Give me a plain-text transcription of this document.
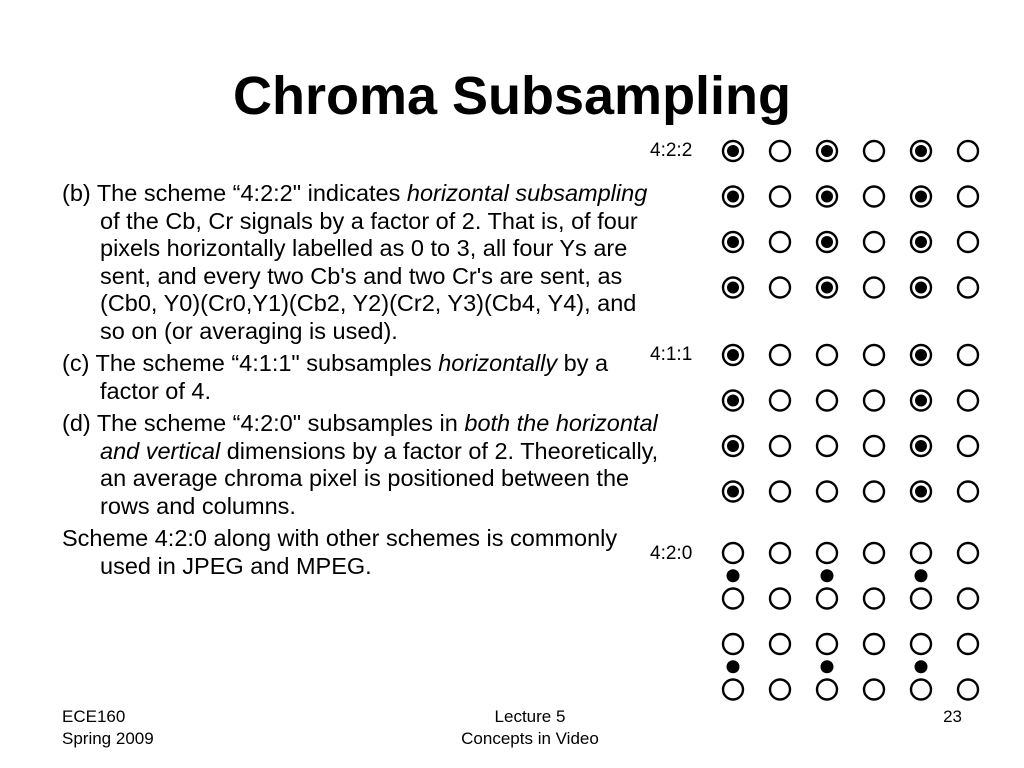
Chroma Subsampling

(b) The scheme “4:2:2" indicates horizontal subsampling of the Cb, Cr signals by a factor of 2. That is, of four pixels horizontally labelled as 0 to 3, all four Ys are sent, and every two Cb's and two Cr's are sent, as (Cb0, Y0)(Cr0,Y1)(Cb2, Y2)(Cr2, Y3)(Cb4, Y4), and so on (or averaging is used).

(c) The scheme “4:1:1" subsamples horizontally by a factor of 4.

(d) The scheme “4:2:0" subsamples in both the horizontal and vertical dimensions by a factor of 2. Theoretically, an average chroma pixel is positioned between the rows and columns.

Scheme 4:2:0 along with other schemes is commonly used in JPEG and MPEG.

4:2:2
4:1:1
4:2:0
ECE160
Spring 2009
Lecture 5
Concepts in Video
23
